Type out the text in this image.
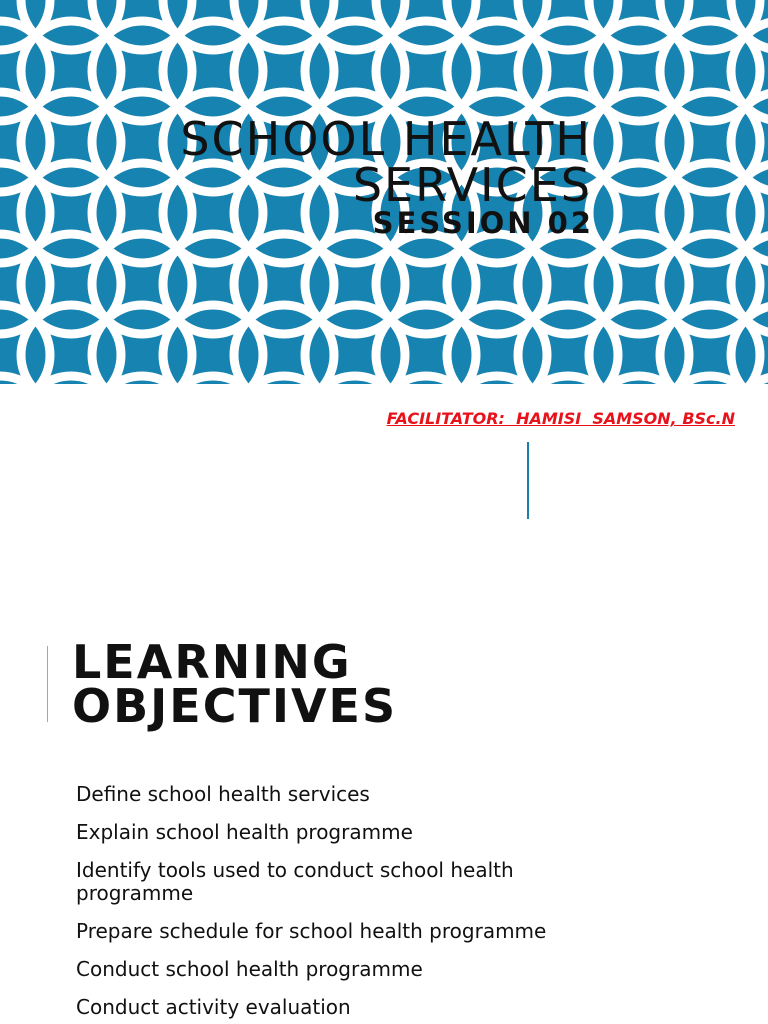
SCHOOL HEALTH
SERVICES
SESSION 02
FACILITATOR:  HAMISI  SAMSON, BSc.N
LEARNING
OBJECTIVES
Define school health services
Explain school health programme
Identify tools used to conduct school health programme
Prepare schedule for school health programme
Conduct school health programme
Conduct activity evaluation
